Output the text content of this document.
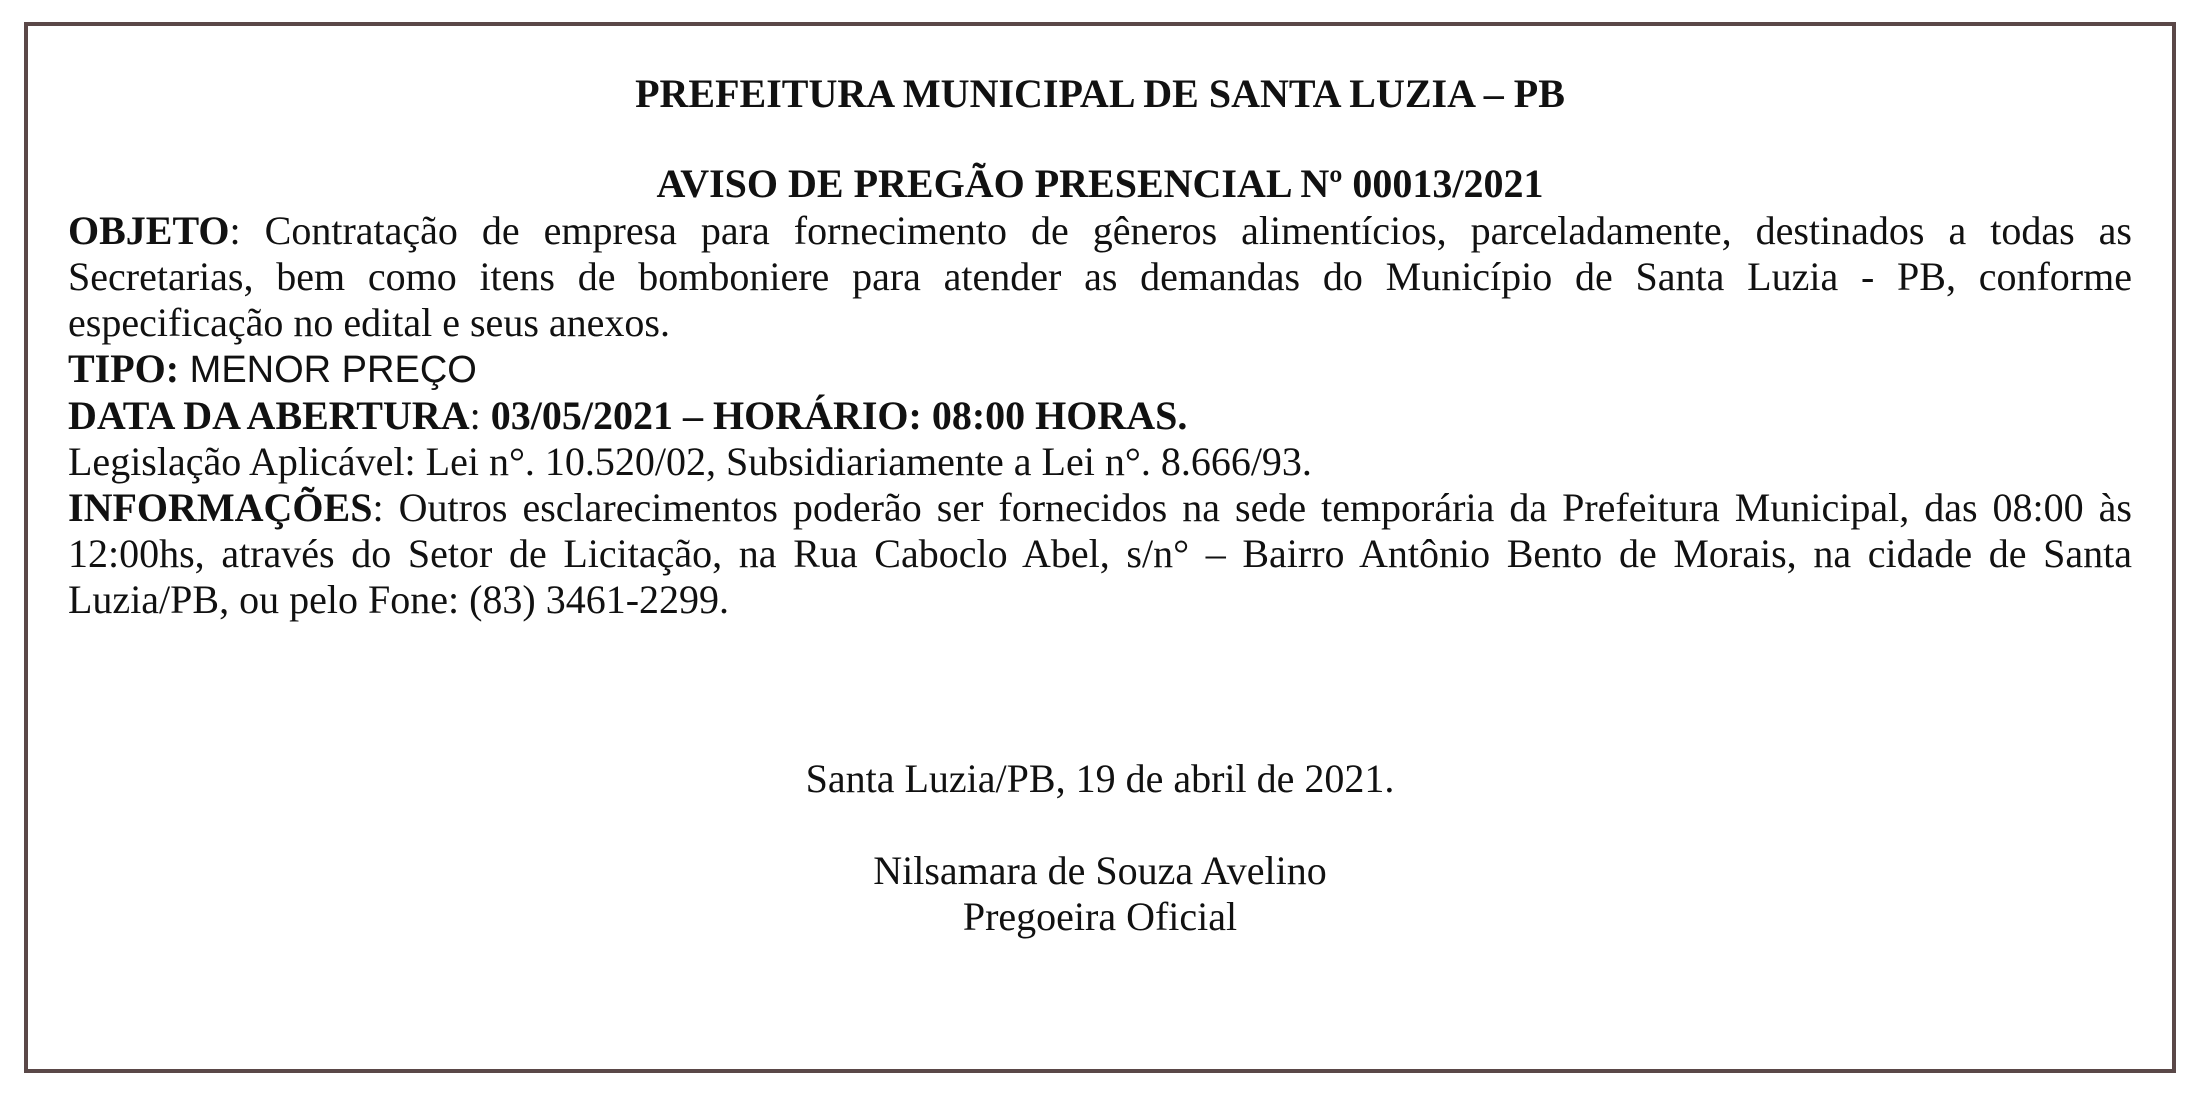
PREFEITURA MUNICIPAL DE SANTA LUZIA – PB

AVISO DE PREGÃO PRESENCIAL Nº 00013/2021

OBJETO: Contratação de empresa para fornecimento de gêneros alimentícios, parceladamente, destinados a todas as Secretarias, bem como itens de bomboniere para atender as demandas do Município de Santa Luzia - PB, conforme especificação no edital e seus anexos.

TIPO: MENOR PREÇO

DATA DA ABERTURA: 03/05/2021 – HORÁRIO: 08:00 HORAS.

Legislação Aplicável: Lei n°. 10.520/02, Subsidiariamente a Lei n°. 8.666/93.

INFORMAÇÕES: Outros esclarecimentos poderão ser fornecidos na sede temporária da Prefeitura Municipal, das 08:00 às 12:00hs, através do Setor de Licitação, na Rua Caboclo Abel, s/n° – Bairro Antônio Bento de Morais, na cidade de Santa Luzia/PB, ou pelo Fone: (83) 3461-2299.

Santa Luzia/PB, 19 de abril de 2021.
Nilsamara de Souza Avelino
Pregoeira Oficial
